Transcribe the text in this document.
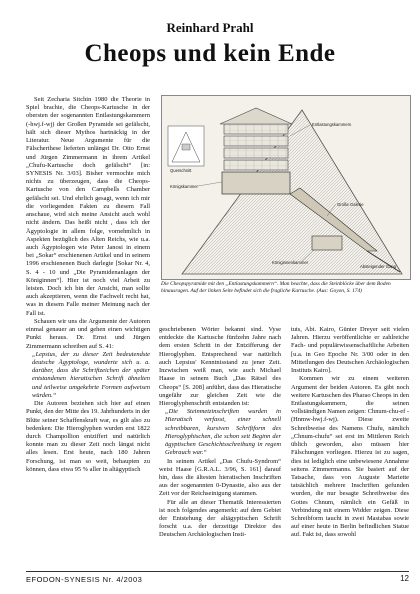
Reinhard Prahl
Cheops und kein Ende

Seit Zecharia Sitchin 1980 die Theorie in Spiel brachte, die Cheops-Kartusche in der obersten der sogenannten Entlastungskammern (-hwj.f-wj) der Großen Pyramide sei gefälscht, hält sich dieser Mythos hartnäckig in der Literatur. Neue Argumente für die Fälscherthese lieferten unlängst Dr. Otto Ernst und Jürgen Zimmermann in ihrem Artikel „Chufu-Kartusche doch gefälscht“ [in: SYNESIS Nr. 3/03]. Bisher vermochte mich nichts zu überzeugen, dass die Cheops-Kartusche von den Campbells Chamber gefälscht sei. Und ehrlich gesagt, wenn ich mir die vorliegenden Fakten zu diesem Fall anschaue, wird sich meine Ansicht auch wohl nicht ändern. Das heißt nicht , dass ich der Ägyptologie in allem folge, vornehmlich in Aspekten bezüglich des Alten Reichs, wie u.a. auch Ägyptologen wie Peter Janosi in einem bei „Sokar“ erschienenen Artikel und in seinem 1996 erschienenen Buch darlegte [Sokar Nr. 4, S. 4 - 10 und „Die Pyramidenanlagen der Königinnen“]. Hier ist noch viel Arbeit zu leisten. Doch ich bin der Ansicht, man sollte auch akzeptieren, wenn die Fachwelt recht hat, was in diesem Falle meiner Meinung nach der Fall ist.

Schauen wir uns die Argumente der Autoren einmal genauer an und gehen einen wichtigen Punkt heraus. Dr. Ernst und Jürgen Zimmermann schreiben auf S. 41:

„Lepsius, der zu dieser Zeit bedeutendste deutsche Ägyptologe, wunderte sich u. a. darüber, dass die Schriftzeichen der später entstandenen hieratischen Schrift ähnelten und teilweise umgekehrte Formen aufweisen würden.“

Die Autoren beziehen sich hier auf einen Punkt, den der Mitte des 19. Jahrhunderts in der Blüte seiner Schaffenskraft war, es gilt also zu bedenken: Die Hieroglyphen wurden erst 1822 durch Champollion entziffert und natürlich konnte man zu dieser Zeit noch längst nicht alles lesen. Erst heute, nach 180 Jahren Forschung, ist man so weit, behaupten zu können, dass etwa 95 % aller in altägyptisch

Entlastungskammern
Königskammer
Große Galerie
Königinnenkammer
Absteigender Gang
Querschnitt
Die Cheopspyramide mit den „Entlastungskammern“. Man beachte, dass die Steinblöcke über dem Boden hinausragen. Auf der linken Seite befindet sich die fragliche Kartusche. (Aus: Goyon, S. 174)

geschriebenen Wörter bekannt sind. Vyse entdeckte die Kartusche fünfzehn Jahre nach dem ersten Schritt in der Entzifferung der Hieroglyphen. Entsprechend war natürlich auch Lepsius' Kenntnisstand zu jener Zeit. Inzwischen weiß man, wie auch Michael Haase in seinem Buch „Das Rätsel des Cheops“ [S. 208] anführt, dass das Hieratische ungefähr zur gleichen Zeit wie die Hieroglyphenschrift entstanden ist:

„Die Steinmetzinschriften wurden in Hieratisch verfasst, einer schnell schreibbaren, kursiven Schriftform des Hieroglyphischen, die schon seit Beginn der ägyptischen Geschichtsschreibung in regem Gebrauch war.“

In seinem Artikel „Das Chufu-Syndrom“ weist Haase [G.R.A.L. 3/96, S. 161] darauf hin, dass die ältesten hieratischen Inschriften aus der sogenannten 0-Dynastie, also aus der Zeit vor der Reichseinigung stammen.

Für alle an dieser Thematik Interessierten ist noch folgendes angemerkt: auf dem Gebiet der Entstehung der altägyptischen Schrift forscht u.a. der derzeitige Direktor des Deutschen Archäologischen Insti-

tuts, Abt. Kairo, Günter Dreyer seit vielen Jahren. Hierzu veröffentlichte er zahlreiche Fach- und populärwissenschaftliche Arbeiten [u.a. in Geo Epoche Nr. 3/00 oder in den Mitteilungen des Deutschen Archäologischen Instituts Kairo].

Kommen wir zu einem weiteren Argument der beiden Autoren. Es gibt noch weitere Kartuschen des Pharao Cheops in den Entlastungskammern, die seinen vollständigen Namen zeigen: Chnum-chu-ef - (Hnmw-hwj.f-wj). Diese zweite Schreibweise des Namens Chufu, nämlich „Chnum-chufu“ sei erst im Mittleren Reich üblich geworden, also müssen hier Fälschungen vorliegen. Hierzu ist zu sagen, dies ist lediglich eine unbewiesene Annahme seitens Zimmermanns. Sie basiert auf der Tatsache, dass von Auguste Mariette tatsächlich mehrere Inschriften gefunden wurden, die nur besagte Schreibweise des Gottes Chnum, nämlich ein Gefäß in Verbindung mit einem Widder zeigen. Diese Schreibform taucht in zwei Mastabas sowie auf einer heute in Berlin befindlichen Statue auf. Fakt ist, dass sowohl

EFODON-SYNESIS Nr. 4/2003	12
